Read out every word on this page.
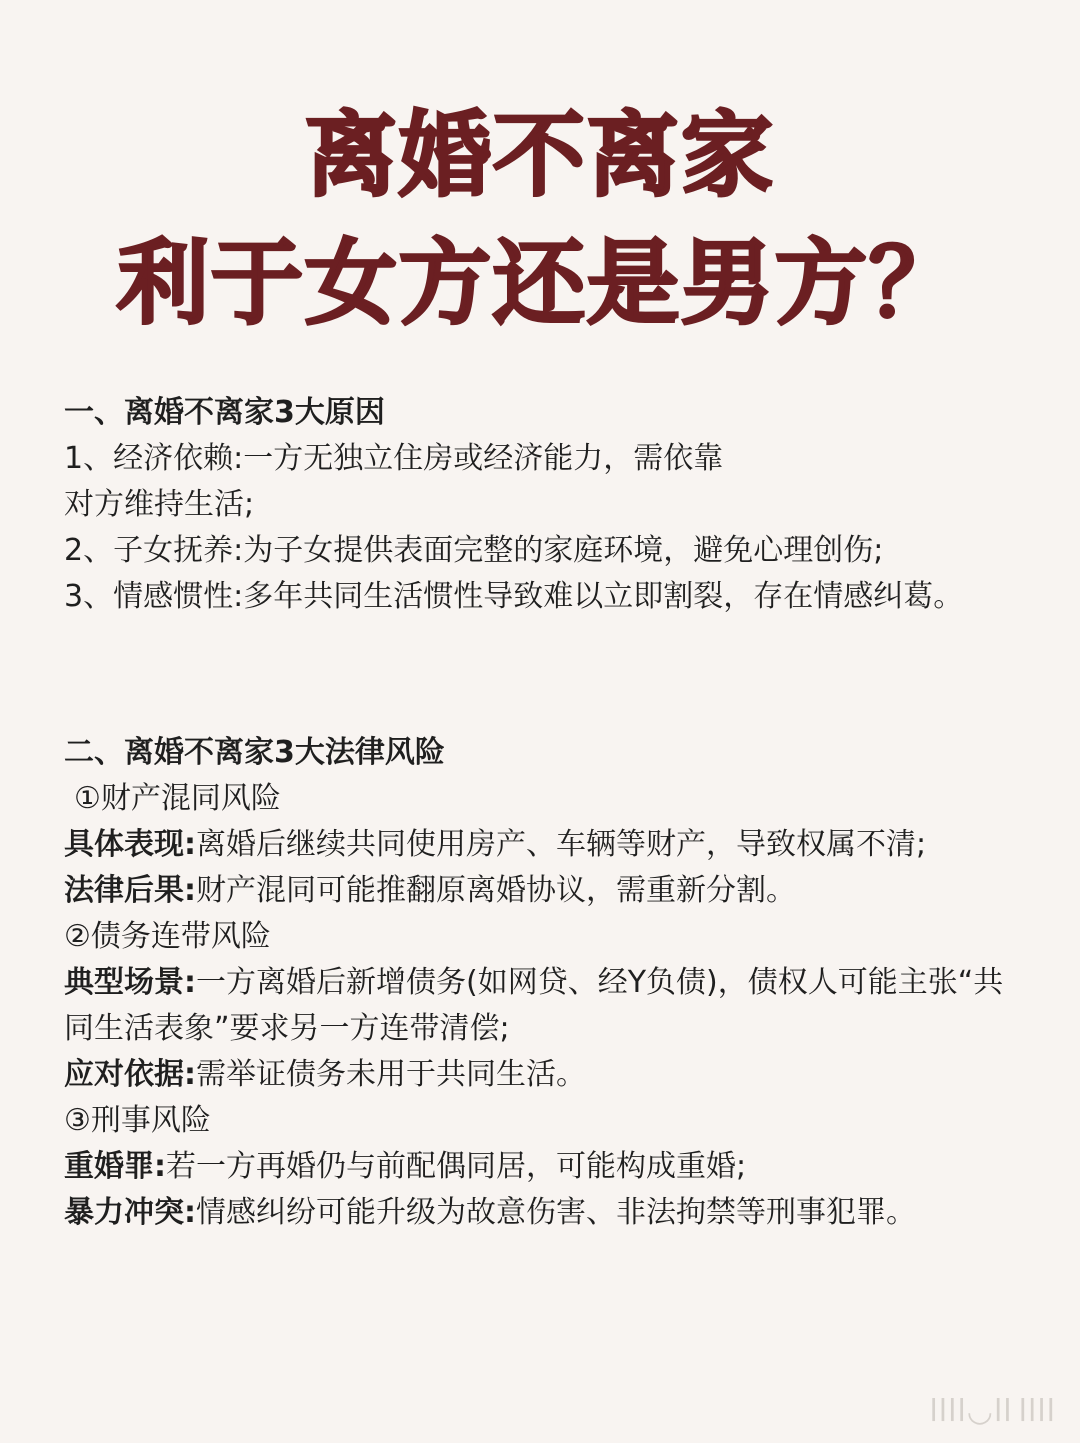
离婚不离家
利于女方还是男方？

一、离婚不离家3大原因

1、经济依赖:一方无独立住房或经济能力，需依靠

对方维持生活;

2、子女抚养:为子女提供表面完整的家庭环境，避免心理创伤;

3、情感惯性:多年共同生活惯性导致难以立即割裂，存在情感纠葛。

二、离婚不离家3大法律风险

①财产混同风险

具体表现:离婚后继续共同使用房产、车辆等财产，导致权属不清;

法律后果:财产混同可能推翻原离婚协议，需重新分割。

②债务连带风险

典型场景:一方离婚后新增债务(如网贷、经Y负债)，债权人可能主张“共同生活表象”要求另一方连带清偿;

应对依据:需举证债务未用于共同生活。

③刑事风险

重婚罪:若一方再婚仍与前配偶同居，可能构成重婚;

暴力冲突:情感纠纷可能升级为故意伤害、非法拘禁等刑事犯罪。

llll◡ll llll
